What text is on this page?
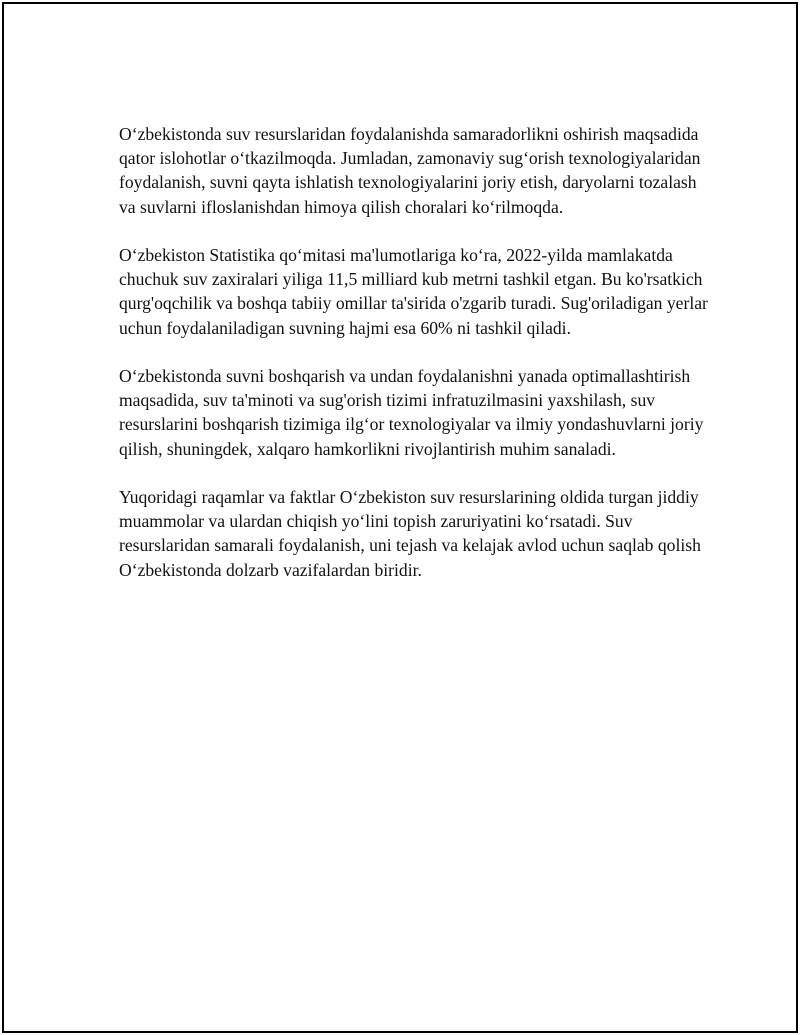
O‘zbekistonda suv resurslaridan foydalanishda samaradorlikni oshirish maqsadida qator islohotlar o‘tkazilmoqda. Jumladan, zamonaviy sug‘orish texnologiyalaridan foydalanish, suvni qayta ishlatish texnologiyalarini joriy etish, daryolarni tozalash va suvlarni ifloslanishdan himoya qilish choralari ko‘rilmoqda.

O‘zbekiston Statistika qo‘mitasi ma'lumotlariga ko‘ra, 2022-yilda mamlakatda chuchuk suv zaxiralari yiliga 11,5 milliard kub metrni tashkil etgan. Bu ko'rsatkich qurg'oqchilik va boshqa tabiiy omillar ta'sirida o'zgarib turadi. Sug'oriladigan yerlar uchun foydalaniladigan suvning hajmi esa 60% ni tashkil qiladi.

O‘zbekistonda suvni boshqarish va undan foydalanishni yanada optimallashtirish maqsadida, suv ta'minoti va sug'orish tizimi infratuzilmasini yaxshilash, suv resurslarini boshqarish tizimiga ilg‘or texnologiyalar va ilmiy yondashuvlarni joriy qilish, shuningdek, xalqaro hamkorlikni rivojlantirish muhim sanaladi.

Yuqoridagi raqamlar va faktlar O‘zbekiston suv resurslarining oldida turgan jiddiy muammolar va ulardan chiqish yo‘lini topish zaruriyatini ko‘rsatadi. Suv resurslaridan samarali foydalanish, uni tejash va kelajak avlod uchun saqlab qolish O‘zbekistonda dolzarb vazifalardan biridir.
